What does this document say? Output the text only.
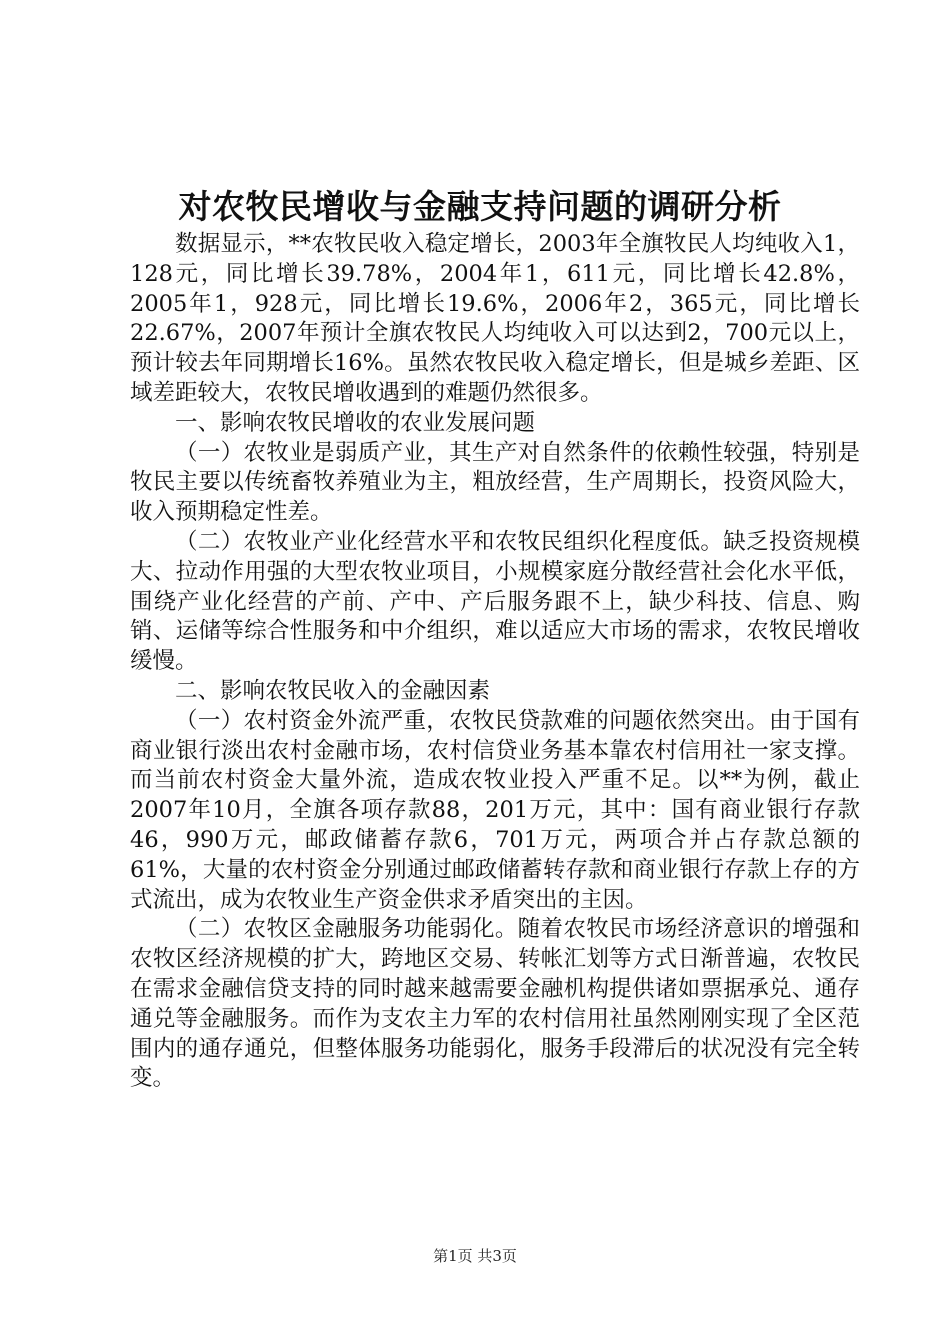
对农牧民增收与金融支持问题的调研分析

数据显示，**农牧民收入稳定增长，2003年全旗牧民人均纯收入1，128元，同比增长39.78%，2004年1，611元，同比增长42.8%，2005年1，928元，同比增长19.6%，2006年2，365元，同比增长22.67%，2007年预计全旗农牧民人均纯收入可以达到2，700元以上，预计较去年同期增长16%。虽然农牧民收入稳定增长，但是城乡差距、区域差距较大，农牧民增收遇到的难题仍然很多。

一、影响农牧民增收的农业发展问题

（一）农牧业是弱质产业，其生产对自然条件的依赖性较强，特别是牧民主要以传统畜牧养殖业为主，粗放经营，生产周期长，投资风险大，收入预期稳定性差。

（二）农牧业产业化经营水平和农牧民组织化程度低。缺乏投资规模大、拉动作用强的大型农牧业项目，小规模家庭分散经营社会化水平低，围绕产业化经营的产前、产中、产后服务跟不上，缺少科技、信息、购销、运储等综合性服务和中介组织，难以适应大市场的需求，农牧民增收缓慢。

二、影响农牧民收入的金融因素

（一）农村资金外流严重，农牧民贷款难的问题依然突出。由于国有商业银行淡出农村金融市场，农村信贷业务基本靠农村信用社一家支撑。而当前农村资金大量外流，造成农牧业投入严重不足。以**为例，截止2007年10月，全旗各项存款88，201万元，其中：国有商业银行存款46，990万元，邮政储蓄存款6，701万元，两项合并占存款总额的61%，大量的农村资金分别通过邮政储蓄转存款和商业银行存款上存的方式流出，成为农牧业生产资金供求矛盾突出的主因。

（二）农牧区金融服务功能弱化。随着农牧民市场经济意识的增强和农牧区经济规模的扩大，跨地区交易、转帐汇划等方式日渐普遍，农牧民在需求金融信贷支持的同时越来越需要金融机构提供诸如票据承兑、通存通兑等金融服务。而作为支农主力军的农村信用社虽然刚刚实现了全区范围内的通存通兑，但整体服务功能弱化，服务手段滞后的状况没有完全转变。

第1页 共3页
